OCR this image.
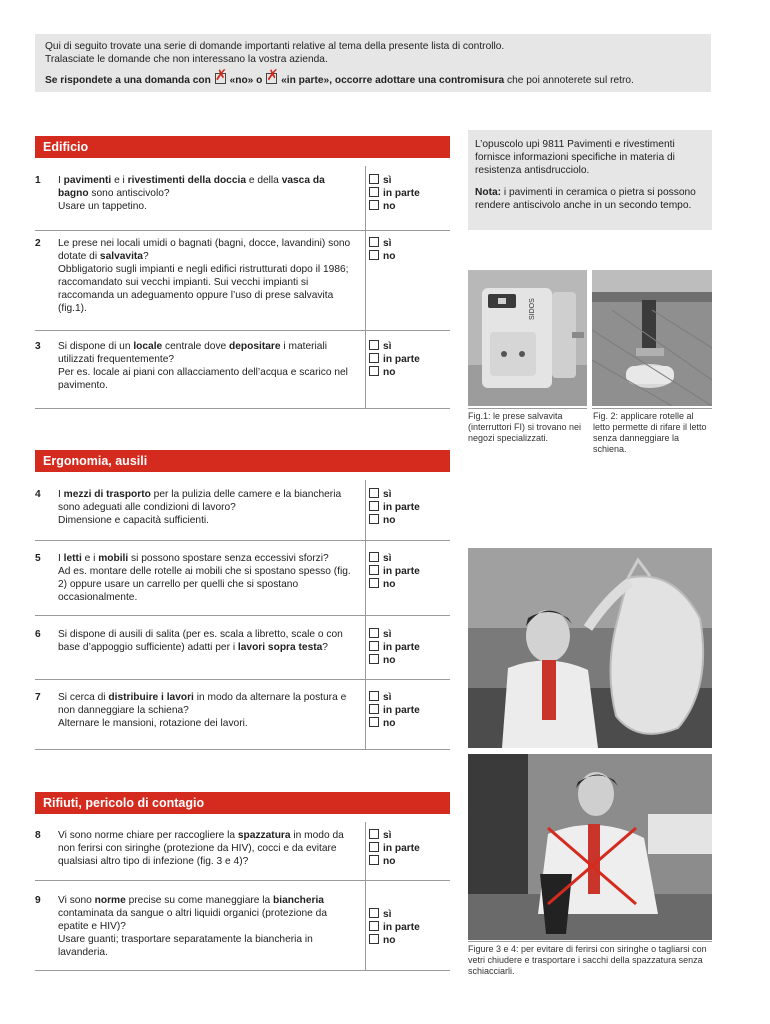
Qui di seguito trovate una serie di domande importanti relative al tema della presente lista di controllo.

Tralasciate le domande che non interessano la vostra azienda.

Se rispondete a una domanda con ✗ «no» o ✗ «in parte», occorre adottare una contromisura che poi annoterete sul retro.

Edificio
1 I pavimenti e i rivestimenti della doccia e della vasca da bagno sono antiscivolo?
Usare un tappetino.
sì
in parte
no
2 Le prese nei locali umidi o bagnati (bagni, docce, lavandini) sono dotate di salvavita?
Obbligatorio sugli impianti e negli edifici ristrutturati dopo il 1986; raccomandato sui vecchi impianti. Sui vecchi impianti si raccomanda un adeguamento oppure l’uso di prese salvavita (fig.1).
sì
no
3 Si dispone di un locale centrale dove depositare i materiali utilizzati frequentemente?
Per es. locale ai piani con allacciamento dell’acqua e scarico nel pavimento.
sì
in parte
no
Ergonomia, ausili
4 I mezzi di trasporto per la pulizia delle camere e la biancheria sono adeguati alle condizioni di lavoro?
Dimensione e capacità sufficienti.
sì
in parte
no
5 I letti e i mobili si possono spostare senza eccessivi sforzi?
Ad es. montare delle rotelle ai mobili che si spostano spesso (fig. 2) oppure usare un carrello per quelli che si spostano occasionalmente.
sì
in parte
no
6 Si dispone di ausili di salita (per es. scala a libretto, scale o con base d’appoggio sufficiente) adatti per i lavori sopra testa?
sì
in parte
no
7 Si cerca di distribuire i lavori in modo da alternare la postura e non danneggiare la schiena?
Alternare le mansioni, rotazione dei lavori.
sì
in parte
no
Rifiuti, pericolo di contagio
8 Vi sono norme chiare per raccogliere la spazzatura in modo da non ferirsi con siringhe (protezione da HIV), cocci e da evitare qualsiasi altro tipo di infezione (fig. 3 e 4)?
sì
in parte
no
9 Vi sono norme precise su come maneggiare la biancheria contaminata da sangue o altri liquidi organici (protezione da epatite e HIV)?
Usare guanti; trasportare separatamente la biancheria in lavanderia.
sì
in parte
no

L’opuscolo upi 9811 Pavimenti e rivestimenti fornisce informazioni specifiche in materia di resistenza antisdrucciolo.

Nota: i pavimenti in ceramica o pietra si possono rendere antiscivolo anche in un secondo tempo.

SIDOS
Fig.1: le prese salvavita (interruttori FI) si trovano nei negozi specializzati.
Fig. 2: applicare rotelle al letto permette di rifare il letto senza danneggiare la schiena.
Figure 3 e 4: per evitare di ferirsi con siringhe o tagliarsi con vetri chiudere e trasportare i sacchi della spazzatura senza schiacciarli.
